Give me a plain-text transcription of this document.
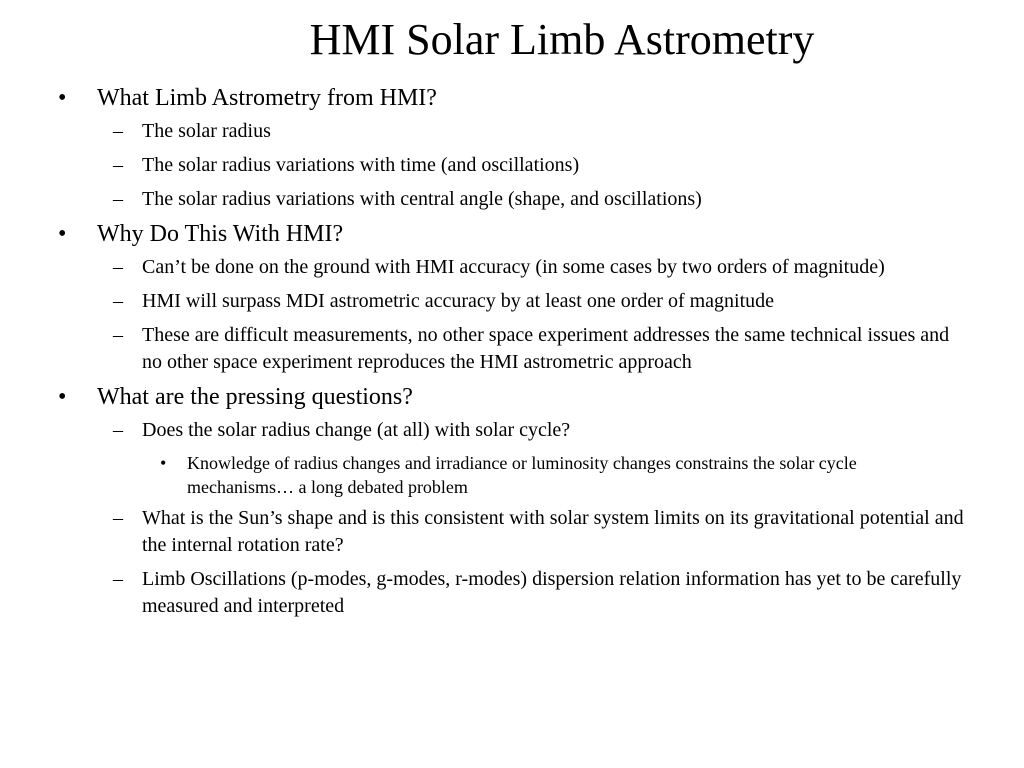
HMI Solar Limb Astrometry
• What Limb Astrometry from HMI?
– The solar radius
– The solar radius variations with time (and oscillations)
– The solar radius variations with central angle (shape, and oscillations)
• Why Do This With HMI?
– Can’t be done on the ground with HMI accuracy (in some cases by two orders of magnitude)
– HMI will surpass MDI astrometric accuracy by at least one order of magnitude
– These are difficult measurements, no other space experiment addresses the same technical issues and no other space experiment reproduces the HMI astrometric approach
• What are the pressing questions?
– Does the solar radius change (at all) with solar cycle?
• Knowledge of radius changes and irradiance or luminosity changes constrains the solar cycle mechanisms… a long debated problem
– What is the Sun’s shape and is this consistent with solar system limits on its gravitational potential and the internal rotation rate?
– Limb Oscillations (p-modes, g-modes, r-modes) dispersion relation information has yet to be carefully measured and interpreted
